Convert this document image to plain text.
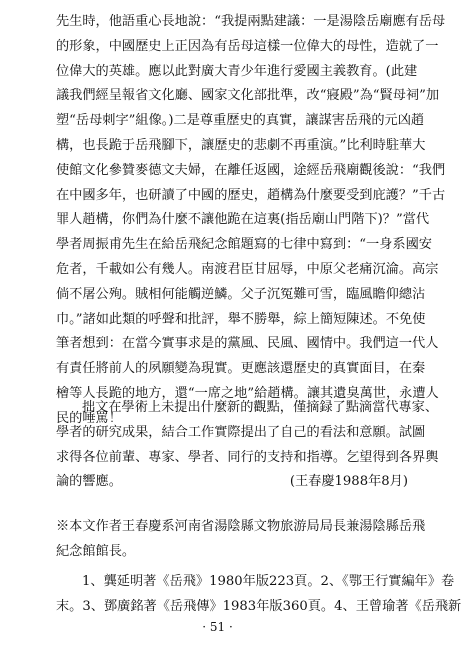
先生時，他語重心長地說：“我提兩點建議：一是湯陰岳廟應有岳母
的形象，中國歷史上正因為有岳母這樣一位偉大的母性，造就了一
位偉大的英雄。應以此對廣大青少年進行愛國主義教育。(此建
議我們經呈報省文化廳、國家文化部批準，改“寢殿”為“賢母祠”加
塑“岳母刺字”組像。)二是尊重歷史的真實，讓謀害岳飛的元凶趙
構，也長跪于岳飛腳下，讓歷史的悲劇不再重演。”比利時駐華大
使館文化參贊麥德文夫婦，在離任返國，途經岳飛廟觀後說：“我們
在中國多年，也研讀了中國的歷史，趙構為什麼要受到庇護？”千古
罪人趙構，你們為什麼不讓他跪在這裏(指岳廟山門階下)？”當代
學者周振甫先生在給岳飛紀念館題寫的七律中寫到：“一身系國安
危者，千載如公有幾人。南渡君臣甘屈辱，中原父老痛沉淪。高宗
倘不屠公殉。賊相何能觸逆鱗。父子沉冤難可雪，臨風瞻仰總沾
巾。”諸如此類的呼聲和批評，舉不勝舉，綜上簡短陳述。不免使
筆者想到：在當今實事求是的黨風、民風、國情中。我們這一代人
有責任將前人的夙願變為現實。更應該還歷史的真實面目，在秦
檜等人長跪的地方，還“一席之地”給趙構。讓其遺臭萬世，永遭人
民的唾罵！
拙文在學術上未提出什麼新的觀點，僅摘録了點滴當代專家、
學者的研究成果，結合工作實際提出了自己的看法和意願。試圖
求得各位前輩、專家、學者、同行的支持和指導。乞望得到各界輿
論的響應。	(王春慶1988年8月)
※本文作者王春慶系河南省湯陰縣文物旅游局局長兼湯陰縣岳飛
紀念館館長。
1、龔延明著《岳飛》1980年版223頁。2、《鄂王行實編年》卷
末。3、鄧廣銘著《岳飛傳》1983年版360頁。4、王曾瑜著《岳飛新
· 51 ·
